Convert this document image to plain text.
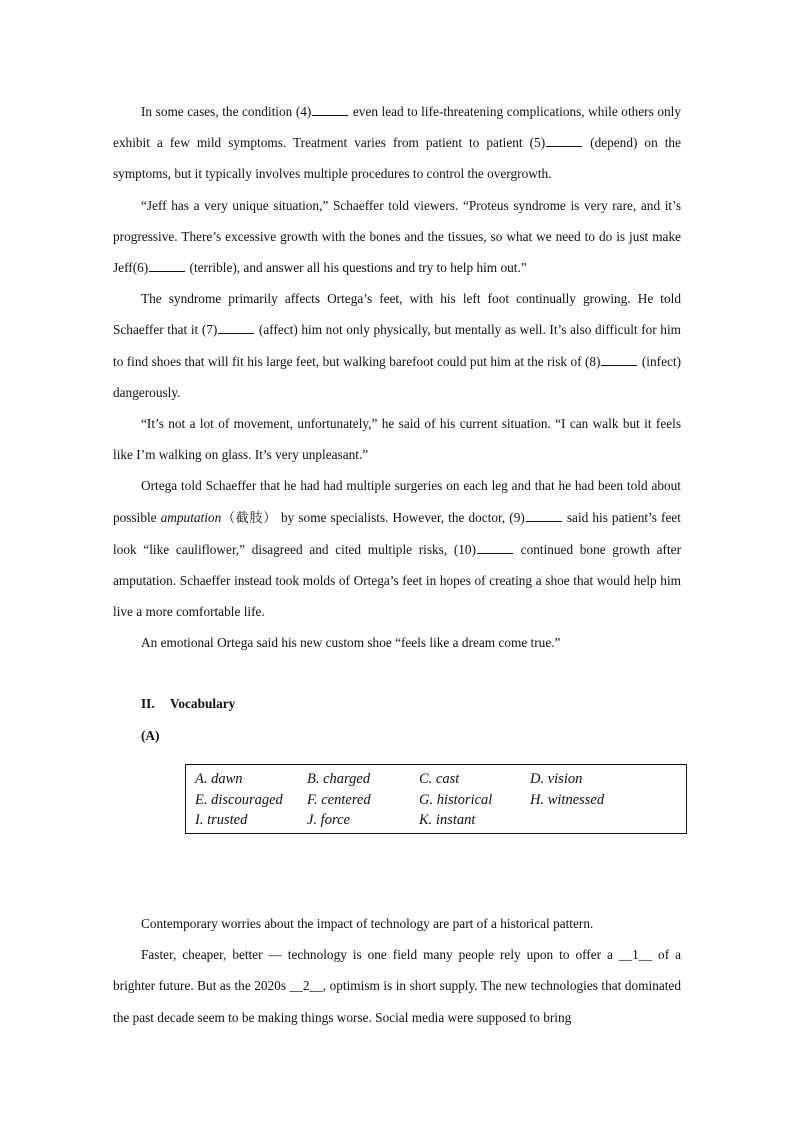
In some cases, the condition (4)	even lead to life-threatening complications, while others only exhibit a few mild symptoms. Treatment varies from patient to patient (5)	(depend) on the symptoms, but it typically involves multiple procedures to control the overgrowth.

“Jeff has a very unique situation,” Schaeffer told viewers. “Proteus syndrome is very rare, and it’s progressive. There’s excessive growth with the bones and the tissues, so what we need to do is just make Jeff(6)	(terrible), and answer all his questions and try to help him out.”

The syndrome primarily affects Ortega’s feet, with his left foot continually growing. He told Schaeffer that it (7)	(affect) him not only physically, but mentally as well. It’s also difficult for him to find shoes that will fit his large feet, but walking barefoot could put him at the risk of (8)	(infect) dangerously.

“It’s not a lot of movement, unfortunately,” he said of his current situation. “I can walk but it feels like I’m walking on glass. It’s very unpleasant.”

Ortega told Schaeffer that he had had multiple surgeries on each leg and that he had been told about possible amputation（截肢） by some specialists. However, the doctor, (9)	said his patient’s feet look “like cauliflower,” disagreed and cited multiple risks, (10)	continued bone growth after amputation. Schaeffer instead took molds of Ortega’s feet in hopes of creating a shoe that would help him live a more comfortable life.

An emotional Ortega said his new custom shoe “feels like a dream come true.”

II. Vocabulary

(A)

A. dawn	B. charged	C. cast	D. vision
E. discouraged	F. centered	G. historical	H. witnessed
I. trusted	J. force	K. instant

Contemporary worries about the impact of technology are part of a historical pattern.

Faster, cheaper, better — technology is one field many people rely upon to offer a __1__ of a brighter future. But as the 2020s __2__, optimism is in short supply. The new technologies that dominated the past decade seem to be making things worse. Social media were supposed to bring
